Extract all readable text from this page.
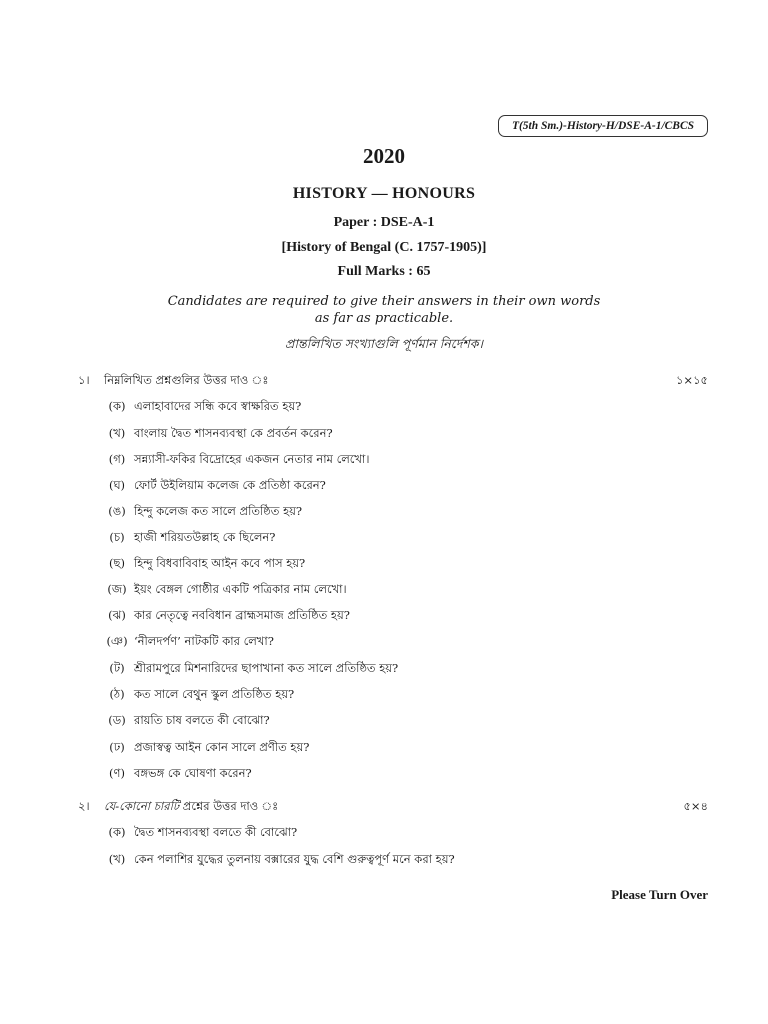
T(5th Sm.)-History-H/DSE-A-1/CBCS
2020
HISTORY — HONOURS
Paper : DSE-A-1
[History of Bengal (C. 1757-1905)]
Full Marks : 65
Candidates are required to give their answers in their own words
as far as practicable.
প্রান্তলিখিত সংখ্যাগুলি পূর্ণমান নির্দেশক।
১। নিম্নলিখিত প্রশ্নগুলির উত্তর দাও ঃ	১×১৫
(ক) এলাহাবাদের সন্ধি কবে স্বাক্ষরিত হয়?
(খ) বাংলায় দ্বৈত শাসনব্যবস্থা কে প্রবর্তন করেন?
(গ) সন্ন্যাসী-ফকির বিদ্রোহের একজন নেতার নাম লেখো।
(ঘ) ফোর্ট উইলিয়াম কলেজ কে প্রতিষ্ঠা করেন?
(ঙ) হিন্দু কলেজ কত সালে প্রতিষ্ঠিত হয়?
(চ) হাজী শরিয়তউল্লাহ কে ছিলেন?
(ছ) হিন্দু বিধবাবিবাহ আইন কবে পাস হয়?
(জ) ইয়ং বেঙ্গল গোষ্ঠীর একটি পত্রিকার নাম লেখো।
(ঝ) কার নেতৃত্বে নববিধান ব্রাহ্মসমাজ প্রতিষ্ঠিত হয়?
(ঞ) ‘নীলদর্পণ’ নাটকটি কার লেখা?
(ট) শ্রীরামপুরে মিশনারিদের ছাপাখানা কত সালে প্রতিষ্ঠিত হয়?
(ঠ) কত সালে বেথুন স্কুল প্রতিষ্ঠিত হয়?
(ড) রায়তি চাষ বলতে কী বোঝো?
(ঢ) প্রজাস্বত্ব আইন কোন সালে প্রণীত হয়?
(ণ) বঙ্গভঙ্গ কে ঘোষণা করেন?
২। যে-কোনো চারটি প্রশ্নের উত্তর দাও ঃ	৫×৪
(ক) দ্বৈত শাসনব্যবস্থা বলতে কী বোঝো?
(খ) কেন পলাশির যুদ্ধের তুলনায় বক্সারের যুদ্ধ বেশি গুরুত্বপূর্ণ মনে করা হয়?
Please Turn Over
